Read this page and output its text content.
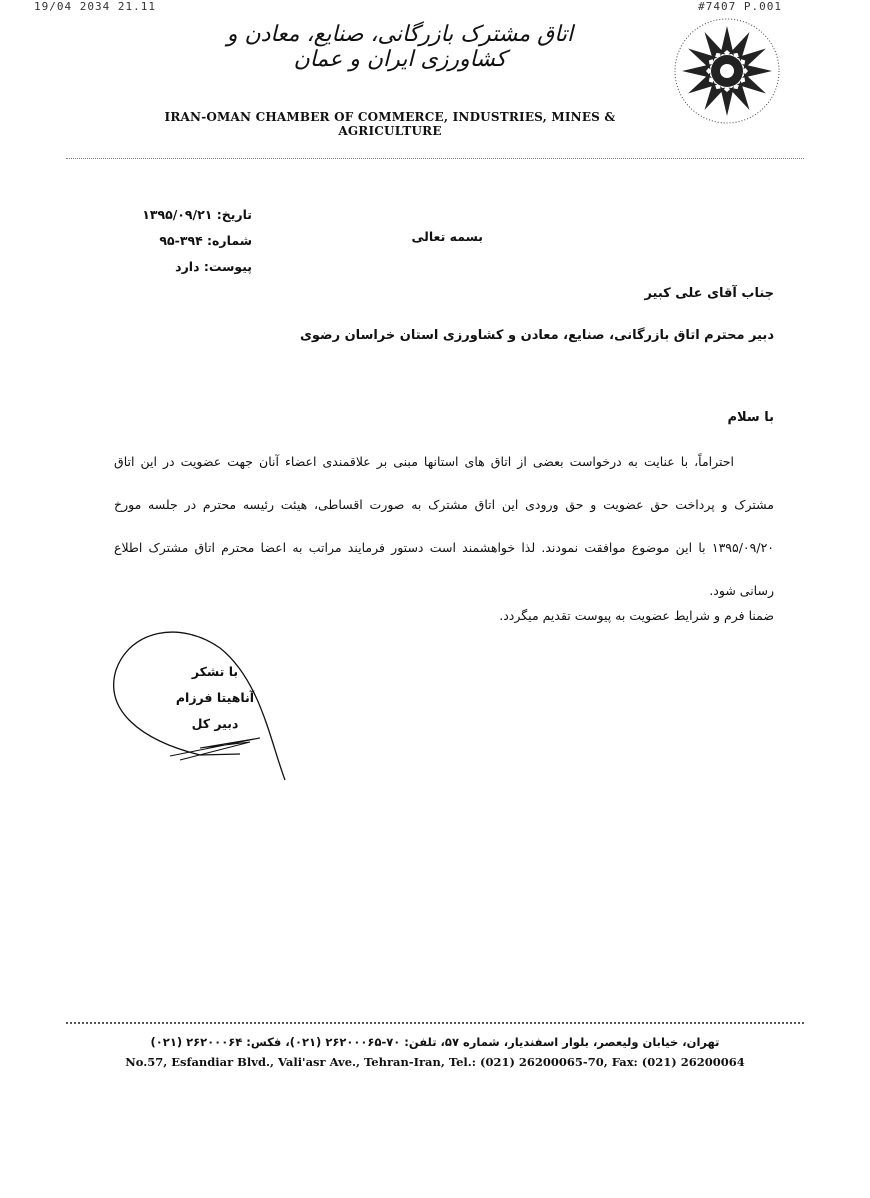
19/04 2034 21.11	#7407 P.001
اتاق مشترک بازرگانی، صنایع، معادن و کشاورزی ایران و عمان
IRAN-OMAN CHAMBER OF COMMERCE, INDUSTRIES, MINES & AGRICULTURE
تاریخ: ۱۳۹۵/۰۹/۲۱
شماره: ۳۹۴-۹۵
پیوست: دارد
بسمه تعالی
جناب آقای علی کبیر
دبیر محترم اتاق بازرگانی، صنایع، معادن و کشاورزی استان خراسان رضوی
با سلام

احتراماً، با عنایت به درخواست بعضی از اتاق های استانها مبنی بر علاقمندی اعضاء آنان جهت عضویت در این اتاق مشترک و پرداخت حق عضویت و حق ورودی این اتاق مشترک به صورت اقساطی، هیئت رئیسه محترم در جلسه مورخ ۱۳۹۵/۰۹/۲۰ با این موضوع موافقت نمودند. لذا خواهشمند است دستور فرمایند مراتب به اعضا محترم اتاق مشترک اطلاع رسانی شود.

ضمنا فرم و شرایط عضویت به پیوست تقدیم میگردد.
با تشکر
آناهیتا فرزام
دبیر کل
تهران، خیابان ولیعصر، بلوار اسفندیار، شماره ۵۷، تلفن: ۷۰-۲۶۲۰۰۰۶۵ (۰۲۱)، فکس: ۲۶۲۰۰۰۶۴ (۰۲۱)
No.57, Esfandiar Blvd., Vali'asr Ave., Tehran-Iran, Tel.: (021) 26200065-70, Fax: (021) 26200064
